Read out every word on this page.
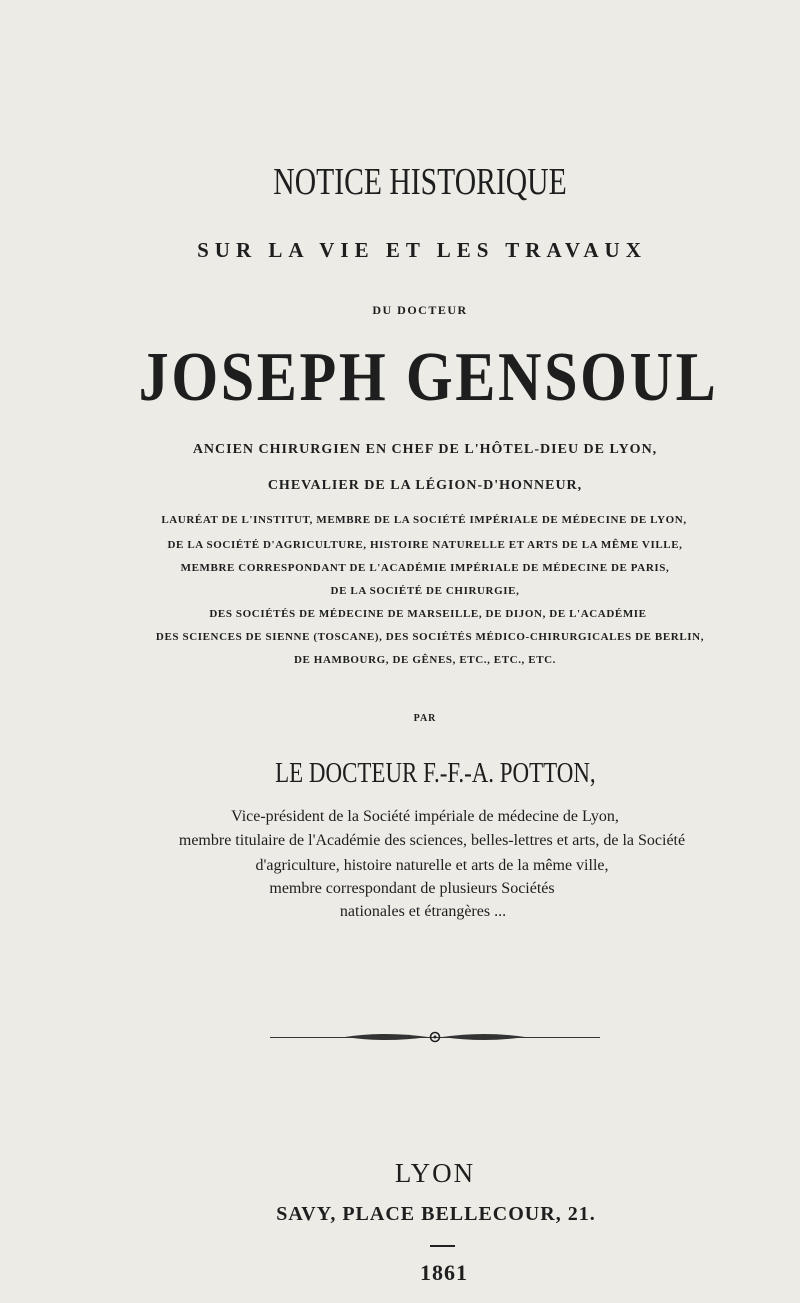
NOTICE HISTORIQUE
SUR LA VIE ET LES TRAVAUX
DU DOCTEUR
JOSEPH GENSOUL
ANCIEN CHIRURGIEN EN CHEF DE L'HÔTEL-DIEU DE LYON,
CHEVALIER DE LA LÉGION-D'HONNEUR,
LAURÉAT DE L'INSTITUT, MEMBRE DE LA SOCIÉTÉ IMPÉRIALE DE MÉDECINE DE LYON,
DE LA SOCIÉTÉ D'AGRICULTURE, HISTOIRE NATURELLE ET ARTS DE LA MÊME VILLE,
MEMBRE CORRESPONDANT DE L'ACADÉMIE IMPÉRIALE DE MÉDECINE DE PARIS,
DE LA SOCIÉTÉ DE CHIRURGIE,
DES SOCIÉTÉS DE MÉDECINE DE MARSEILLE, DE DIJON, DE L'ACADÉMIE
DES SCIENCES DE SIENNE (TOSCANE), DES SOCIÉTÉS MÉDICO-CHIRURGICALES DE BERLIN,
DE HAMBOURG, DE GÊNES, ETC., ETC., ETC.
PAR
LE DOCTEUR F.-F.-A. POTTON,
Vice-président de la Société impériale de médecine de Lyon,
membre titulaire de l'Académie des sciences, belles-lettres et arts, de la Société
d'agriculture, histoire naturelle et arts de la même ville,
membre correspondant de plusieurs Sociétés
nationales et étrangères ...
LYON
SAVY, PLACE BELLECOUR, 21.
1861
